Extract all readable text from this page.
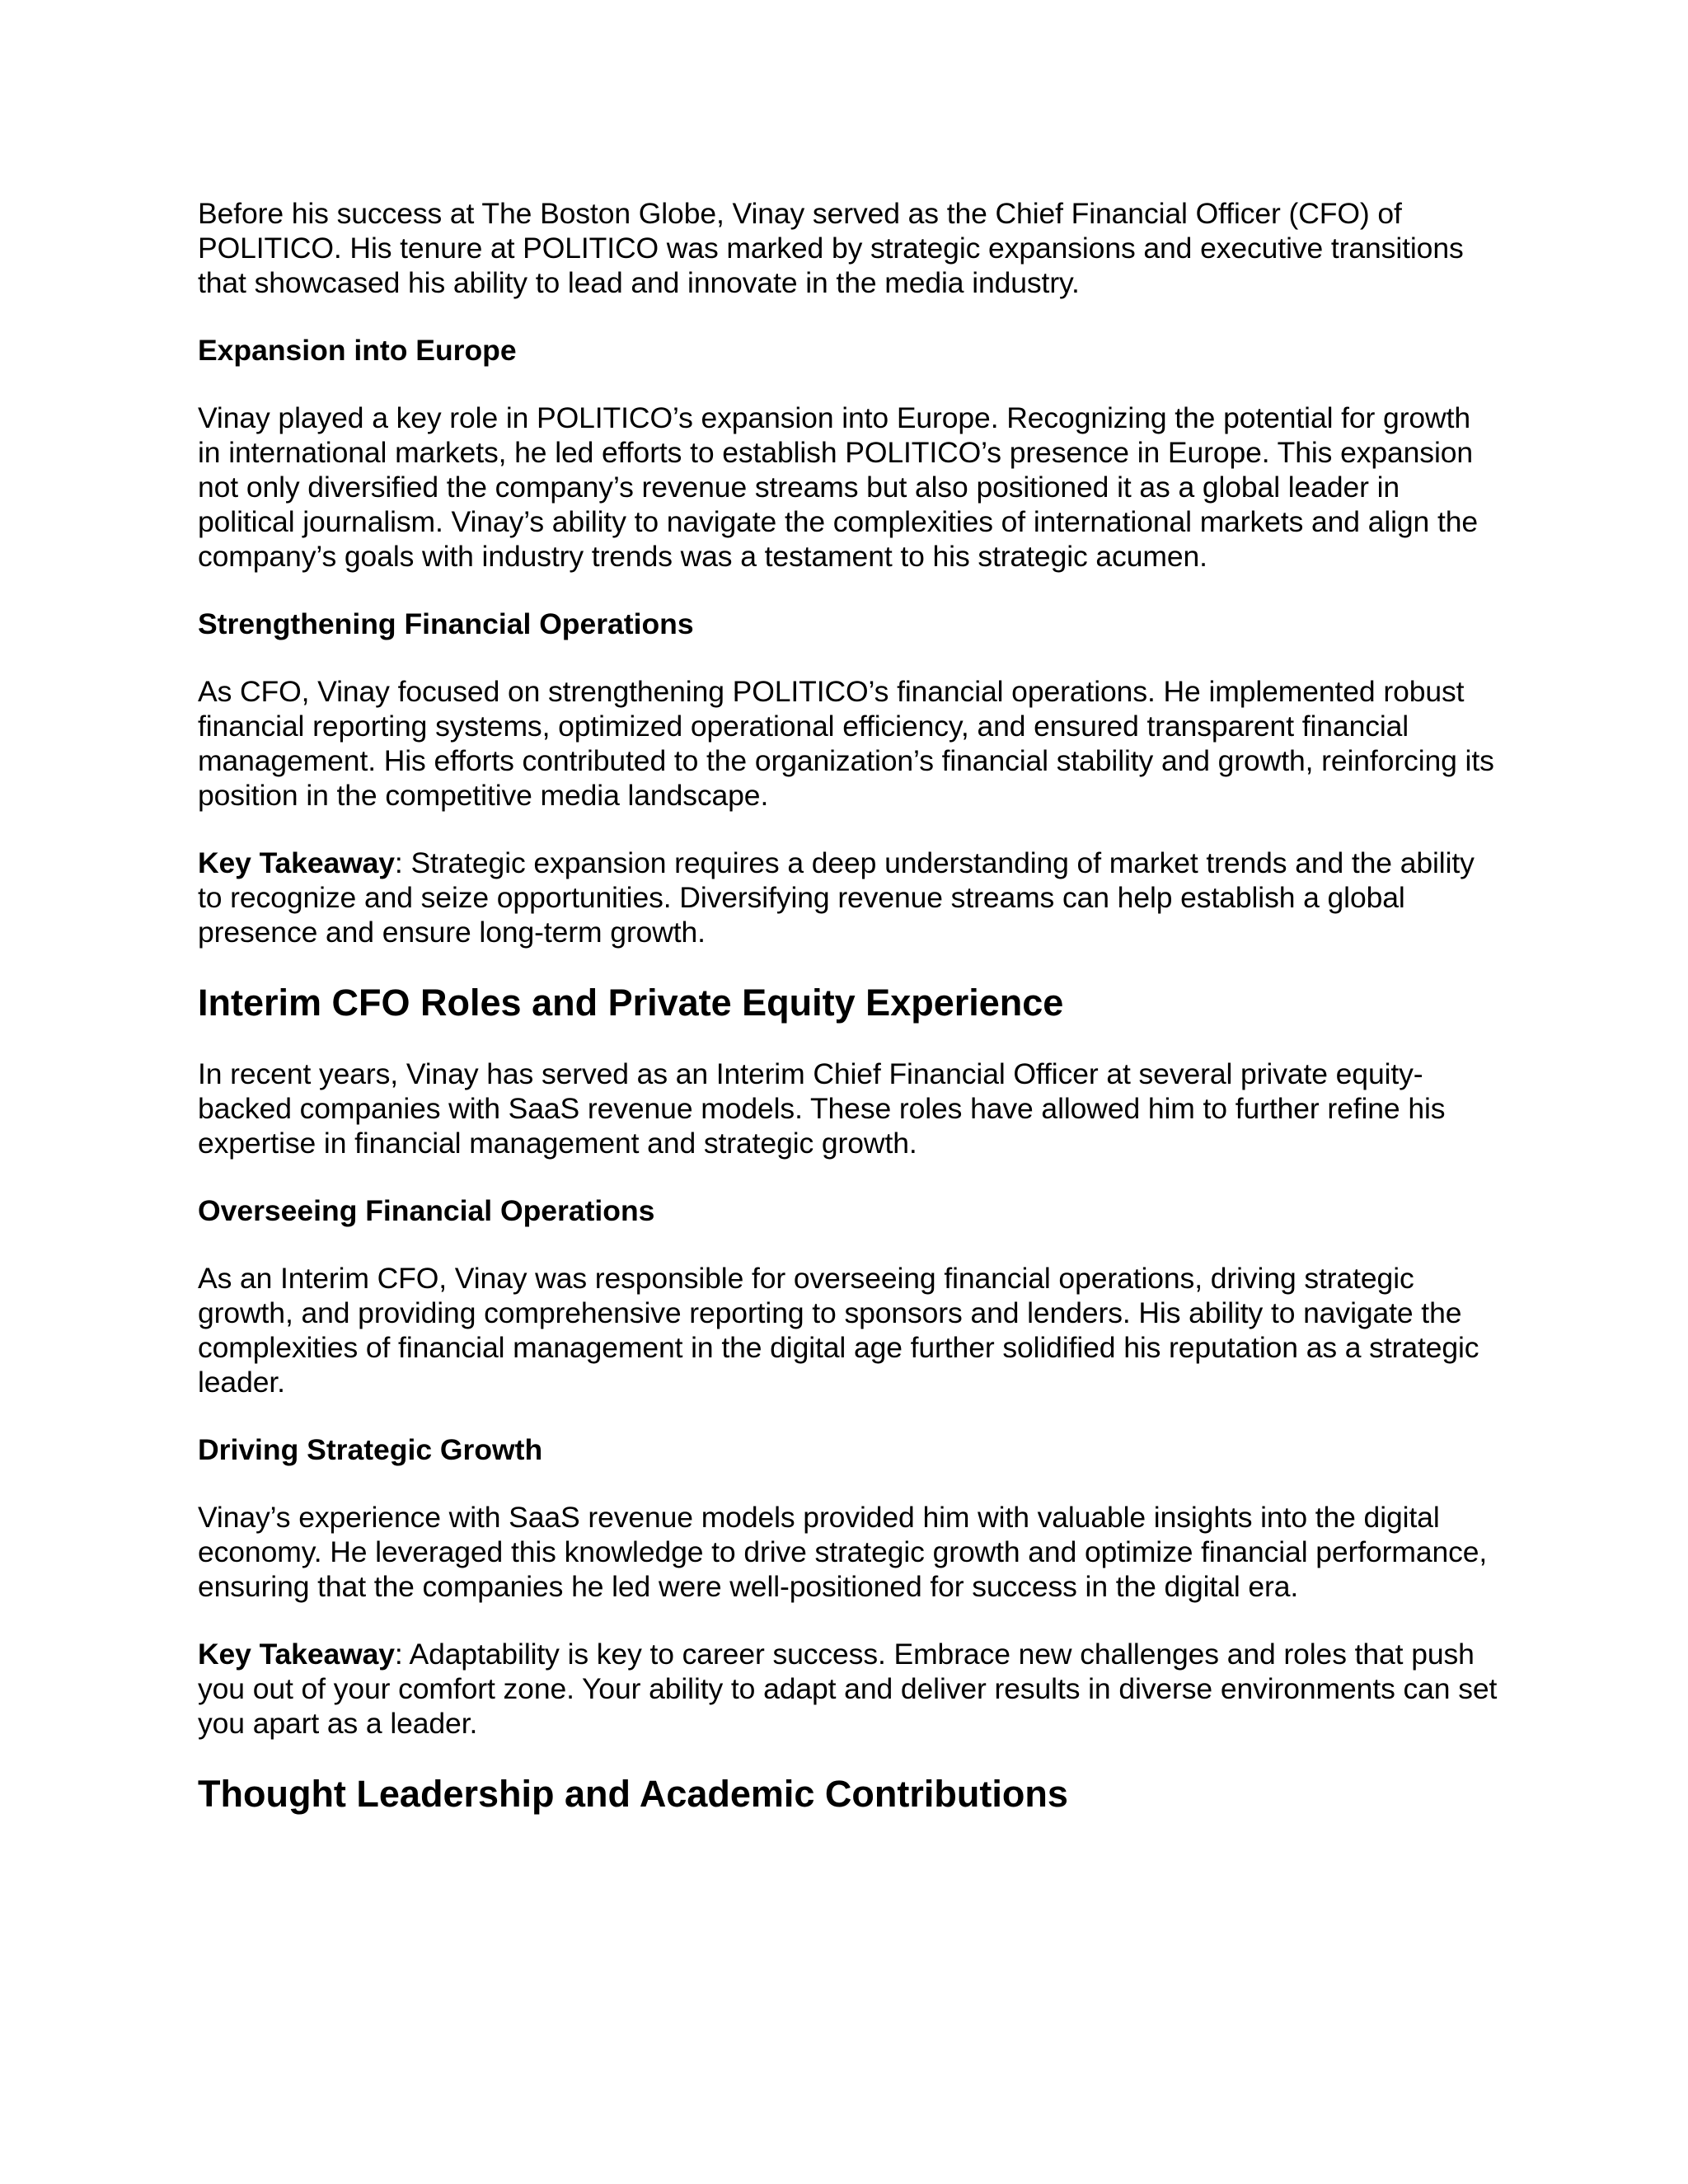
Before his success at The Boston Globe, Vinay served as the Chief Financial Officer (CFO) of POLITICO. His tenure at POLITICO was marked by strategic expansions and executive transitions that showcased his ability to lead and innovate in the media industry.

Expansion into Europe

Vinay played a key role in POLITICO’s expansion into Europe. Recognizing the potential for growth in international markets, he led efforts to establish POLITICO’s presence in Europe. This expansion not only diversified the company’s revenue streams but also positioned it as a global leader in political journalism. Vinay’s ability to navigate the complexities of international markets and align the company’s goals with industry trends was a testament to his strategic acumen.

Strengthening Financial Operations

As CFO, Vinay focused on strengthening POLITICO’s financial operations. He implemented robust financial reporting systems, optimized operational efficiency, and ensured transparent financial management. His efforts contributed to the organization’s financial stability and growth, reinforcing its position in the competitive media landscape.

Key Takeaway: Strategic expansion requires a deep understanding of market trends and the ability to recognize and seize opportunities. Diversifying revenue streams can help establish a global presence and ensure long-term growth.

Interim CFO Roles and Private Equity Experience

In recent years, Vinay has served as an Interim Chief Financial Officer at several private equity-backed companies with SaaS revenue models. These roles have allowed him to further refine his expertise in financial management and strategic growth.

Overseeing Financial Operations

As an Interim CFO, Vinay was responsible for overseeing financial operations, driving strategic growth, and providing comprehensive reporting to sponsors and lenders. His ability to navigate the complexities of financial management in the digital age further solidified his reputation as a strategic leader.

Driving Strategic Growth

Vinay’s experience with SaaS revenue models provided him with valuable insights into the digital economy. He leveraged this knowledge to drive strategic growth and optimize financial performance, ensuring that the companies he led were well-positioned for success in the digital era.

Key Takeaway: Adaptability is key to career success. Embrace new challenges and roles that push you out of your comfort zone. Your ability to adapt and deliver results in diverse environments can set you apart as a leader.

Thought Leadership and Academic Contributions
